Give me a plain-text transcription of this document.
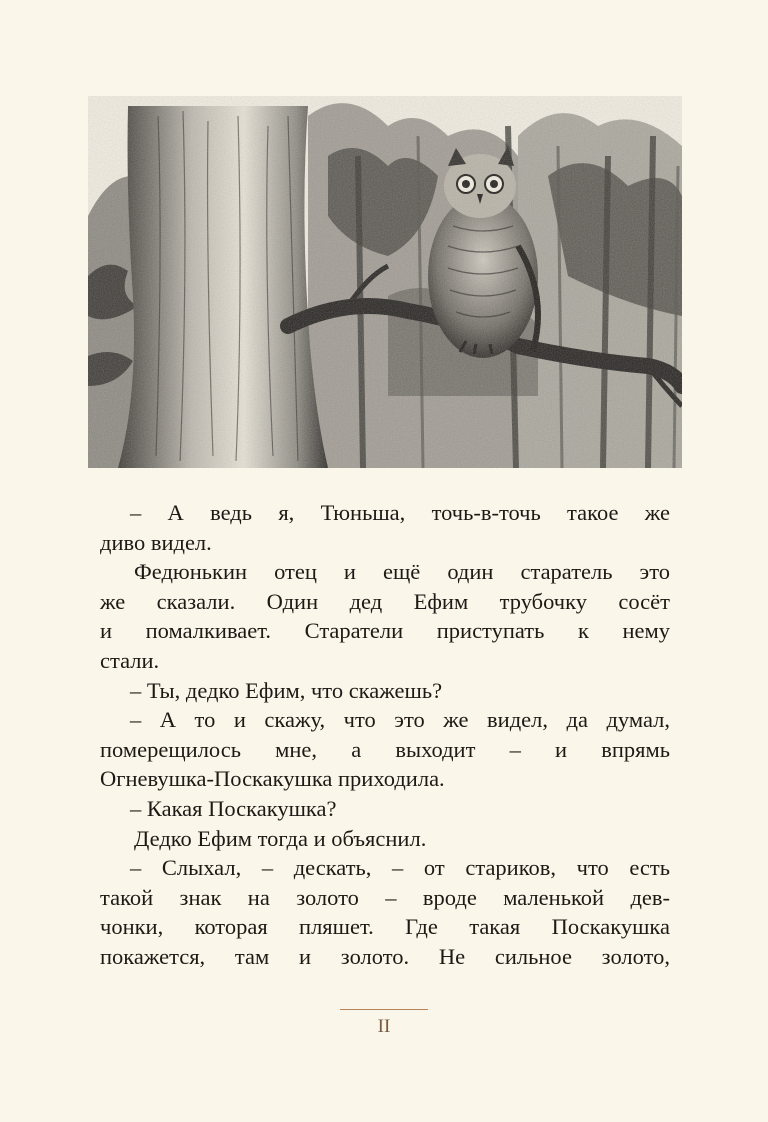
– А ведь я, Тюньша, точь-в-точь такое же
диво видел.
Федюнькин отец и ещё один старатель это
же сказали. Один дед Ефим трубочку сосёт
и помалкивает. Старатели приступать к нему
стали.
– Ты, дедко Ефим, что скажешь?
– А то и скажу, что это же видел, да думал,
померещилось мне, а выходит – и впрямь
Огневушка-Поскакушка приходила.
– Какая Поскакушка?
Дедко Ефим тогда и объяснил.
– Слыхал, – дескать, – от стариков, что есть
такой знак на золото – вроде маленькой дев-
чонки, которая пляшет. Где такая Поскакушка
покажется, там и золото. Не сильное золото,
II
